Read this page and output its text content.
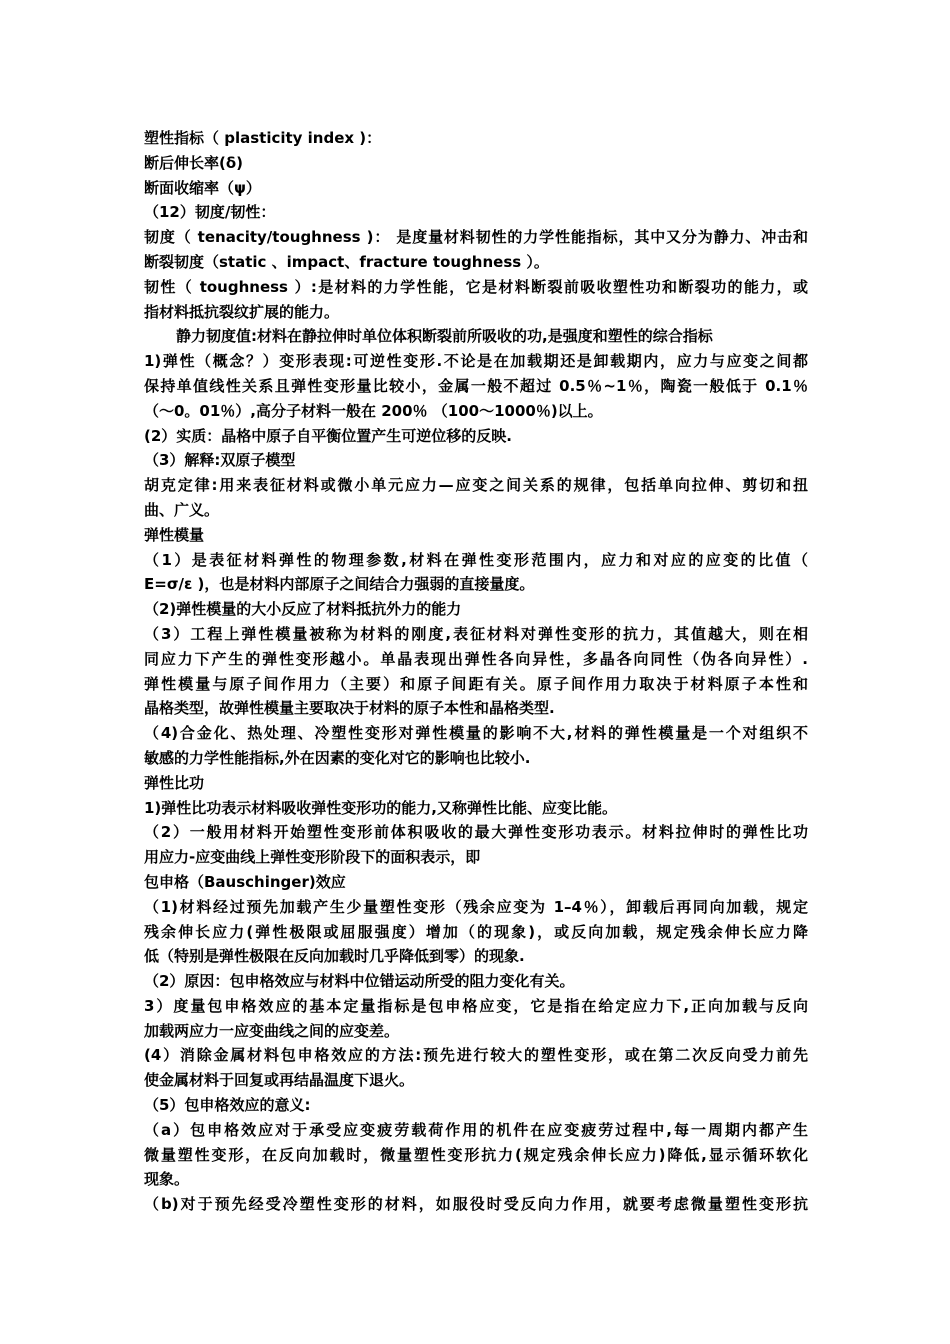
塑性指标（ plasticity index )：
断后伸长率(δ)
断面收缩率（ψ）
（12）韧度/韧性：
韧度（ tenacity/toughness )： 是度量材料韧性的力学性能指标，其中又分为静力、冲击和
断裂韧度（static 、impact、fracture toughness ）。
韧性（ toughness ）:是材料的力学性能，它是材料断裂前吸收塑性功和断裂功的能力，或
指材料抵抗裂纹扩展的能力。
静力韧度值:材料在静拉伸时单位体积断裂前所吸收的功,是强度和塑性的综合指标
1)弹性（概念？）变形表现:可逆性变形.不论是在加载期还是卸载期内，应力与应变之间都
保持单值线性关系且弹性变形量比较小，金属一般不超过 0.5％~1％，陶瓷一般低于 0.1％
（～0。01％）,高分子材料一般在 200％ （100～1000％)以上。
(2）实质：晶格中原子自平衡位置产生可逆位移的反映.
（3）解释:双原子模型
胡克定律:用来表征材料或微小单元应力—应变之间关系的规律，包括单向拉伸、剪切和扭
曲、广义。
弹性模量
（1）是表征材料弹性的物理参数,材料在弹性变形范围内，应力和对应的应变的比值（
E=σ/ε )，也是材料内部原子之间结合力强弱的直接量度。
（2)弹性模量的大小反应了材料抵抗外力的能力
（3）工程上弹性模量被称为材料的刚度,表征材料对弹性变形的抗力，其值越大，则在相
同应力下产生的弹性变形越小。单晶表现出弹性各向异性，多晶各向同性（伪各向异性）.
弹性模量与原子间作用力（主要）和原子间距有关。原子间作用力取决于材料原子本性和
晶格类型，故弹性模量主要取决于材料的原子本性和晶格类型.
（4)合金化、热处理、冷塑性变形对弹性模量的影响不大,材料的弹性模量是一个对组织不
敏感的力学性能指标,外在因素的变化对它的影响也比较小.
弹性比功
1)弹性比功表示材料吸收弹性变形功的能力,又称弹性比能、应变比能。
（2）一般用材料开始塑性变形前体积吸收的最大弹性变形功表示。材料拉伸时的弹性比功
用应力-应变曲线上弹性变形阶段下的面积表示，即
包申格（Bauschinger)效应
（1)材料经过预先加载产生少量塑性变形（残余应变为 1–4％），卸载后再同向加载，规定
残余伸长应力(弹性极限或屈服强度）增加（的现象)，或反向加载，规定残余伸长应力降
低（特别是弹性极限在反向加载时几乎降低到零）的现象.
（2）原因：包申格效应与材料中位错运动所受的阻力变化有关。
3）度量包申格效应的基本定量指标是包申格应变，它是指在给定应力下,正向加载与反向
加载两应力一应变曲线之间的应变差。
(4）消除金属材料包申格效应的方法:预先进行较大的塑性变形，或在第二次反向受力前先
使金属材料于回复或再结晶温度下退火。
（5）包申格效应的意义:
（a）包申格效应对于承受应变疲劳载荷作用的机件在应变疲劳过程中,每一周期内都产生
微量塑性变形，在反向加载时，微量塑性变形抗力(规定残余伸长应力)降低,显示循环软化
现象。
（b)对于预先经受冷塑性变形的材料，如服役时受反向力作用，就要考虑微量塑性变形抗
